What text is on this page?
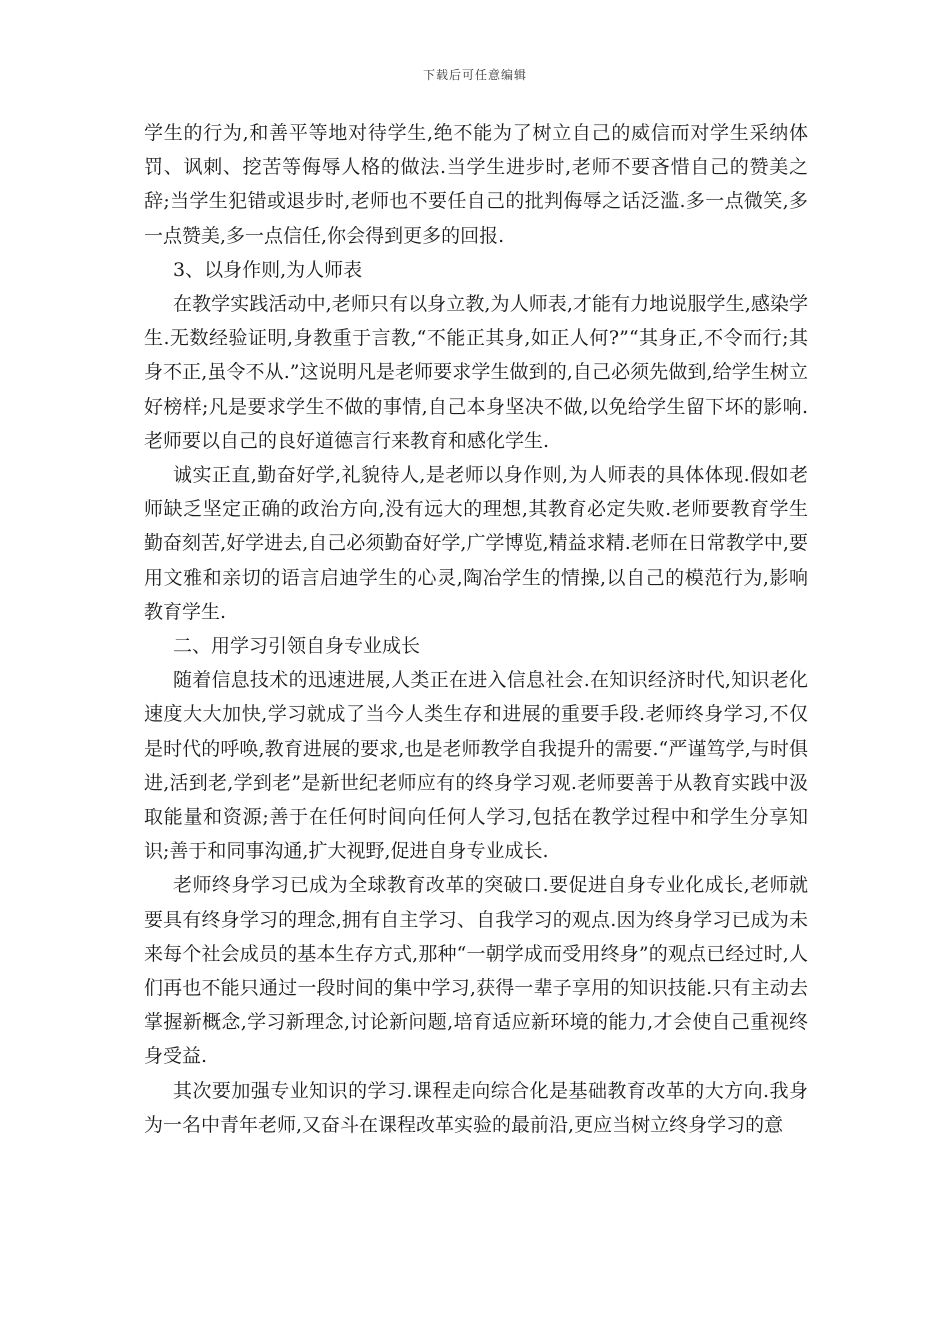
下载后可任意编辑

学生的行为,和善平等地对待学生,绝不能为了树立自己的威信而对学生采纳体罚、讽刺、挖苦等侮辱人格的做法.当学生进步时,老师不要吝惜自己的赞美之辞;当学生犯错或退步时,老师也不要任自己的批判侮辱之话泛滥.多一点微笑,多一点赞美,多一点信任,你会得到更多的回报.

3、以身作则,为人师表

在教学实践活动中,老师只有以身立教,为人师表,才能有力地说服学生,感染学生.无数经验证明,身教重于言教,“不能正其身,如正人何?”“其身正,不令而行;其身不正,虽令不从.”这说明凡是老师要求学生做到的,自己必须先做到,给学生树立好榜样;凡是要求学生不做的事情,自己本身坚决不做,以免给学生留下坏的影响.老师要以自己的良好道德言行来教育和感化学生.

诚实正直,勤奋好学,礼貌待人,是老师以身作则,为人师表的具体体现.假如老师缺乏坚定正确的政治方向,没有远大的理想,其教育必定失败.老师要教育学生勤奋刻苦,好学进去,自己必须勤奋好学,广学博览,精益求精.老师在日常教学中,要用文雅和亲切的语言启迪学生的心灵,陶冶学生的情操,以自己的模范行为,影响教育学生.

二、用学习引领自身专业成长

随着信息技术的迅速进展,人类正在进入信息社会.在知识经济时代,知识老化速度大大加快,学习就成了当今人类生存和进展的重要手段.老师终身学习,不仅是时代的呼唤,教育进展的要求,也是老师教学自我提升的需要.“严谨笃学,与时俱进,活到老,学到老”是新世纪老师应有的终身学习观.老师要善于从教育实践中汲取能量和资源;善于在任何时间向任何人学习,包括在教学过程中和学生分享知识;善于和同事沟通,扩大视野,促进自身专业成长.

老师终身学习已成为全球教育改革的突破口.要促进自身专业化成长,老师就要具有终身学习的理念,拥有自主学习、自我学习的观点.因为终身学习已成为未来每个社会成员的基本生存方式,那种“一朝学成而受用终身”的观点已经过时,人们再也不能只通过一段时间的集中学习,获得一辈子享用的知识技能.只有主动去掌握新概念,学习新理念,讨论新问题,培育适应新环境的能力,才会使自己重视终身受益.

其次要加强专业知识的学习.课程走向综合化是基础教育改革的大方向.我身为一名中青年老师,又奋斗在课程改革实验的最前沿,更应当树立终身学习的意
